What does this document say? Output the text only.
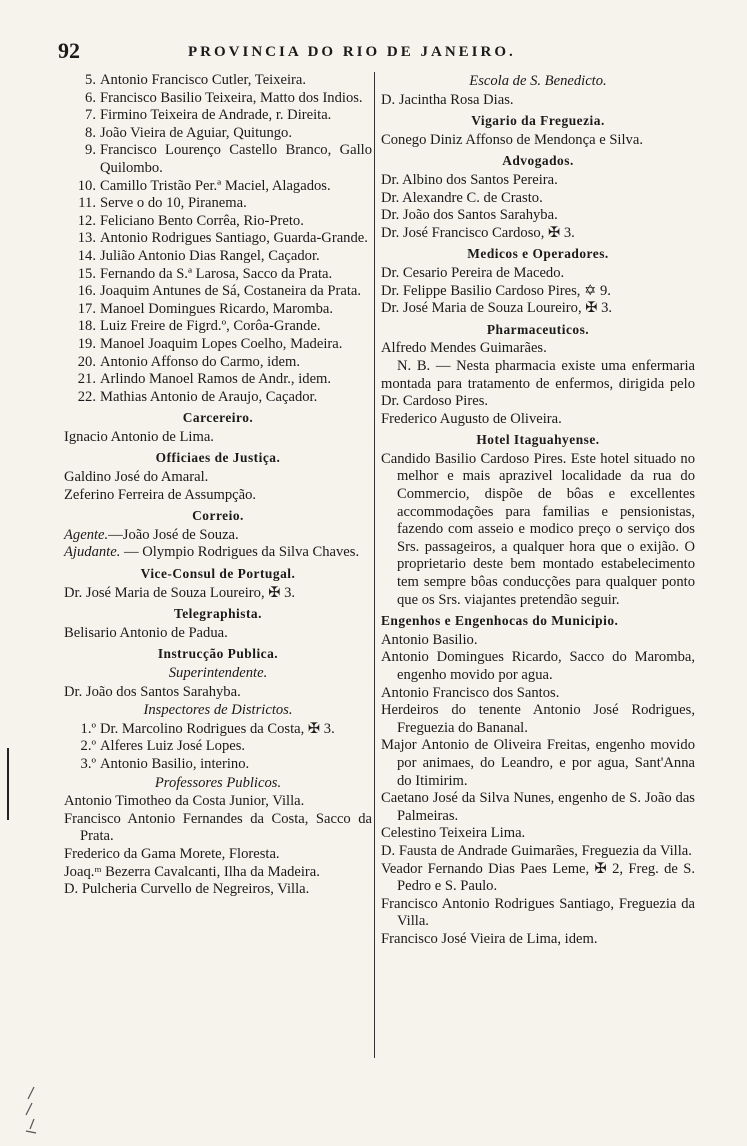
92	PROVINCIA DO RIO DE JANEIRO.
5. Antonio Francisco Cutler, Teixeira.
6. Francisco Basilio Teixeira, Matto dos Indios.
7. Firmino Teixeira de Andrade, r. Direita.
8. João Vieira de Aguiar, Quitungo.
9. Francisco Lourenço Castello Branco, Gallo Quilombo.
10. Camillo Tristão Per.ª Maciel, Alagados.
11. Serve o do 10, Piranema.
12. Feliciano Bento Corrêa, Rio-Preto.
13. Antonio Rodrigues Santiago, Guarda-Grande.
14. Julião Antonio Dias Rangel, Caçador.
15. Fernando da S.ª Larosa, Sacco da Prata.
16. Joaquim Antunes de Sá, Costaneira da Prata.
17. Manoel Domingues Ricardo, Maromba.
18. Luiz Freire de Figrd.º, Corôa-Grande.
19. Manoel Joaquim Lopes Coelho, Madeira.
20. Antonio Affonso do Carmo, idem.
21. Arlindo Manoel Ramos de Andr., idem.
22. Mathias Antonio de Araujo, Caçador.
Carcereiro.
Ignacio Antonio de Lima.
Officiaes de Justiça.
Galdino José do Amaral.
Zeferino Ferreira de Assumpção.
Correio.
Agente.—João José de Souza.
Ajudante. — Olympio Rodrigues da Silva Chaves.
Vice-Consul de Portugal.
Dr. José Maria de Souza Loureiro, ✠ 3.
Telegraphista.
Belisario Antonio de Padua.
Instrucção Publica.
Superintendente.
Dr. João dos Santos Sarahyba.
Inspectores de Districtos.
1.º Dr. Marcolino Rodrigues da Costa, ✠ 3.
2.º Alferes Luiz José Lopes.
3.º Antonio Basilio, interino.
Professores Publicos.
Antonio Timotheo da Costa Junior, Villa.
Francisco Antonio Fernandes da Costa, Sacco da Prata.
Frederico da Gama Morete, Floresta.
Joaq.ᵐ Bezerra Cavalcanti, Ilha da Madeira.
D. Pulcheria Curvello de Negreiros, Villa.
Escola de S. Benedicto.
D. Jacintha Rosa Dias.
Vigario da Freguezia.
Conego Diniz Affonso de Mendonça e Silva.
Advogados.
Dr. Albino dos Santos Pereira.
Dr. Alexandre C. de Crasto.
Dr. João dos Santos Sarahyba.
Dr. José Francisco Cardoso, ✠ 3.
Medicos e Operadores.
Dr. Cesario Pereira de Macedo.
Dr. Felippe Basilio Cardoso Pires, ✡ 9.
Dr. José Maria de Souza Loureiro, ✠ 3.
Pharmaceuticos.
Alfredo Mendes Guimarães.
N. B. — Nesta pharmacia existe uma enfermaria montada para tratamento de enfermos, dirigida pelo Dr. Cardoso Pires.
Frederico Augusto de Oliveira.
Hotel Itaguahyense.
Candido Basilio Cardoso Pires. Este hotel situado no melhor e mais aprazivel localidade da rua do Commercio, dispõe de bôas e excellentes accommodações para familias e pensionistas, fazendo com asseio e modico preço o serviço dos Srs. passageiros, a qualquer hora que o exijão. O proprietario deste bem montado estabelecimento tem sempre bôas conducções para qualquer ponto que os Srs. viajantes pretendão seguir.
Engenhos e Engenhocas do Municipio.
Antonio Basilio.
Antonio Domingues Ricardo, Sacco do Maromba, engenho movido por agua.
Antonio Francisco dos Santos.
Herdeiros do tenente Antonio José Rodrigues, Freguezia do Bananal.
Major Antonio de Oliveira Freitas, engenho movido por animaes, do Leandro, e por agua, Sant'Anna do Itimirim.
Caetano José da Silva Nunes, engenho de S. João das Palmeiras.
Celestino Teixeira Lima.
D. Fausta de Andrade Guimarães, Freguezia da Villa.
Veador Fernando Dias Paes Leme, ✠ 2, Freg. de S. Pedro e S. Paulo.
Francisco Antonio Rodrigues Santiago, Freguezia da Villa.
Francisco José Vieira de Lima, idem.
